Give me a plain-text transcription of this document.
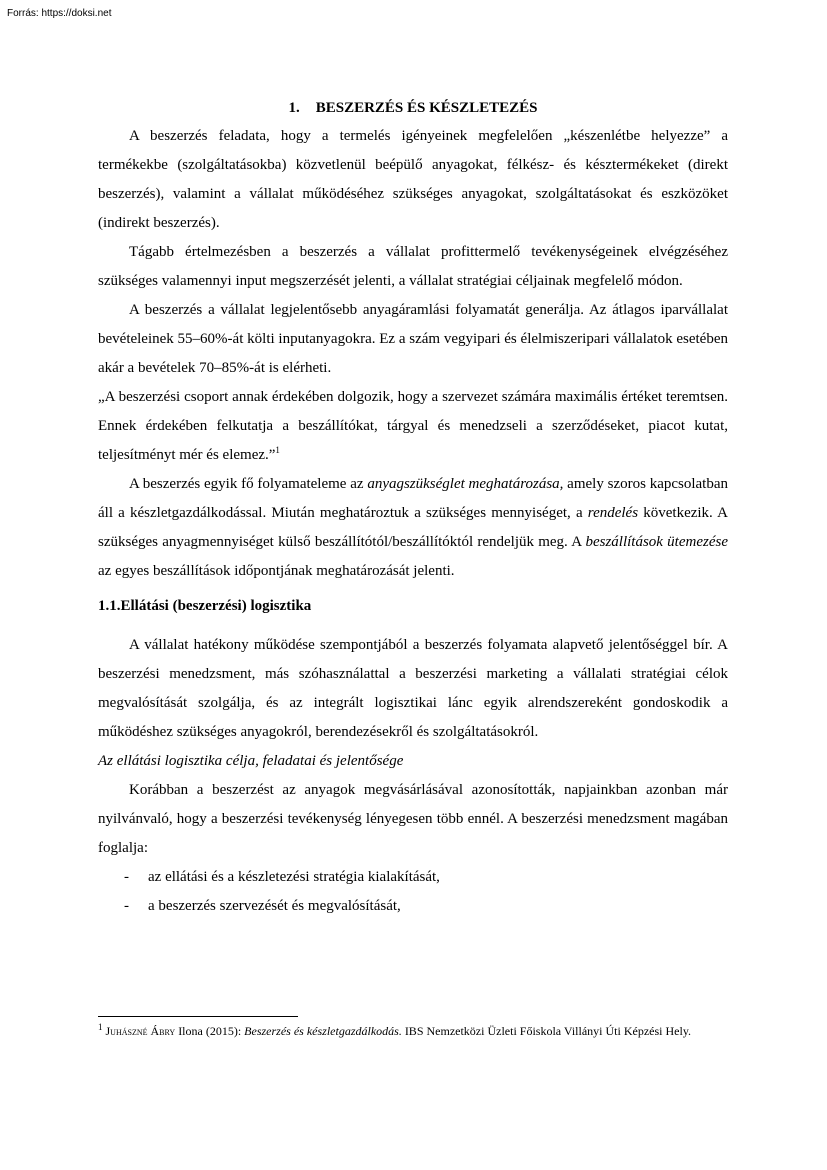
Forrás: https://doksi.net
1. BESZERZÉS ÉS KÉSZLETEZÉS

A beszerzés feladata, hogy a termelés igényeinek megfelelően „készenlétbe helyezze” a termékekbe (szolgáltatásokba) közvetlenül beépülő anyagokat, félkész- és késztermékeket (direkt beszerzés), valamint a vállalat működéséhez szükséges anyagokat, szolgáltatásokat és eszközöket (indirekt beszerzés).

Tágabb értelmezésben a beszerzés a vállalat profittermelő tevékenységeinek elvégzéséhez szükséges valamennyi input megszerzését jelenti, a vállalat stratégiai céljainak megfelelő módon.

A beszerzés a vállalat legjelentősebb anyagáramlási folyamatát generálja. Az átlagos iparvállalat bevételeinek 55–60%-át költi inputanyagokra. Ez a szám vegyipari és élelmiszeripari vállalatok esetében akár a bevételek 70–85%-át is elérheti.

„A beszerzési csoport annak érdekében dolgozik, hogy a szervezet számára maximális értéket teremtsen. Ennek érdekében felkutatja a beszállítókat, tárgyal és menedzseli a szerződéseket, piacot kutat, teljesítményt mér és elemez.”$^1$

A beszerzés egyik fő folyamateleme az anyagszükséglet meghatározása, amely szoros kapcsolatban áll a készletgazdálkodással. Miután meghatároztuk a szükséges mennyiséget, a rendelés következik. A szükséges anyagmennyiséget külső beszállítótól/beszállítóktól rendeljük meg. A beszállítások ütemezése az egyes beszállítások időpontjának meghatározását jelenti.

1.1.Ellátási (beszerzési) logisztika

A vállalat hatékony működése szempontjából a beszerzés folyamata alapvető jelentőséggel bír. A beszerzési menedzsment, más szóhasználattal a beszerzési marketing a vállalati stratégiai célok megvalósítását szolgálja, és az integrált logisztikai lánc egyik alrendszereként gondoskodik a működéshez szükséges anyagokról, berendezésekről és szolgáltatásokról.

Az ellátási logisztika célja, feladatai és jelentősége

Korábban a beszerzést az anyagok megvásárlásával azonosították, napjainkban azonban már nyilvánvaló, hogy a beszerzési tevékenység lényegesen több ennél. A beszerzési menedzsment magában foglalja:

- az ellátási és a készletezési stratégia kialakítását,
- a beszerzés szervezését és megvalósítását,
$^1$ Juhászné Ábry Ilona (2015): Beszerzés és készletgazdálkodás. IBS Nemzetközi Üzleti Főiskola Villányi Úti Képzési Hely.
